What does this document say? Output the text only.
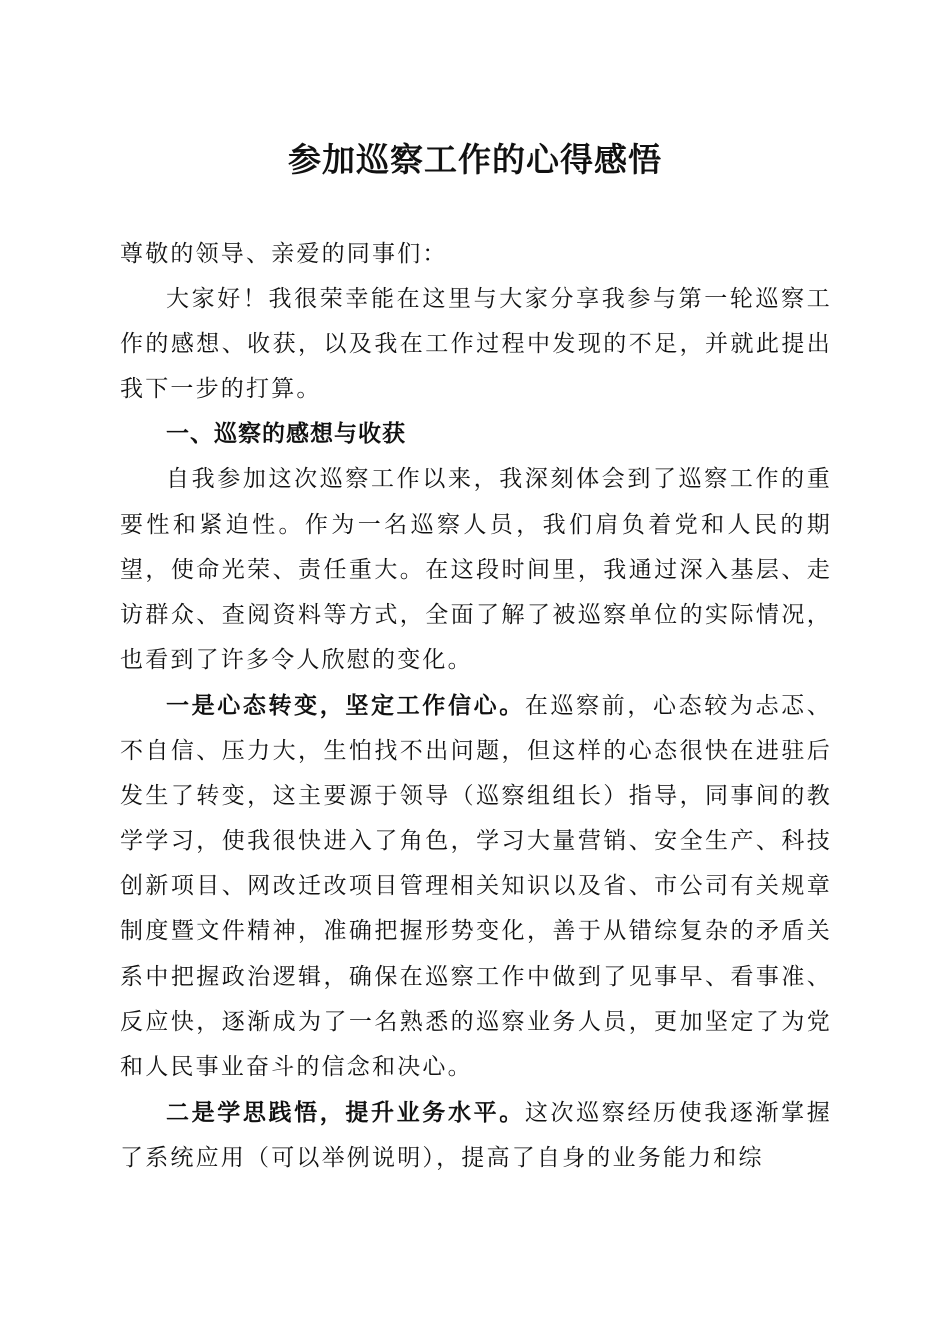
参加巡察工作的心得感悟

尊敬的领导、亲爱的同事们：

大家好！我很荣幸能在这里与大家分享我参与第一轮巡察工作的感想、收获，以及我在工作过程中发现的不足，并就此提出我下一步的打算。

一、巡察的感想与收获

自我参加这次巡察工作以来，我深刻体会到了巡察工作的重要性和紧迫性。作为一名巡察人员，我们肩负着党和人民的期望，使命光荣、责任重大。在这段时间里，我通过深入基层、走访群众、查阅资料等方式，全面了解了被巡察单位的实际情况，也看到了许多令人欣慰的变化。

一是心态转变，坚定工作信心。在巡察前，心态较为忐忑、不自信、压力大，生怕找不出问题，但这样的心态很快在进驻后发生了转变，这主要源于领导（巡察组组长）指导，同事间的教学学习，使我很快进入了角色，学习大量营销、安全生产、科技创新项目、网改迁改项目管理相关知识以及省、市公司有关规章制度暨文件精神，准确把握形势变化，善于从错综复杂的矛盾关系中把握政治逻辑，确保在巡察工作中做到了见事早、看事准、反应快，逐渐成为了一名熟悉的巡察业务人员，更加坚定了为党和人民事业奋斗的信念和决心。

二是学思践悟，提升业务水平。这次巡察经历使我逐渐掌握了系统应用（可以举例说明），提高了自身的业务能力和综
